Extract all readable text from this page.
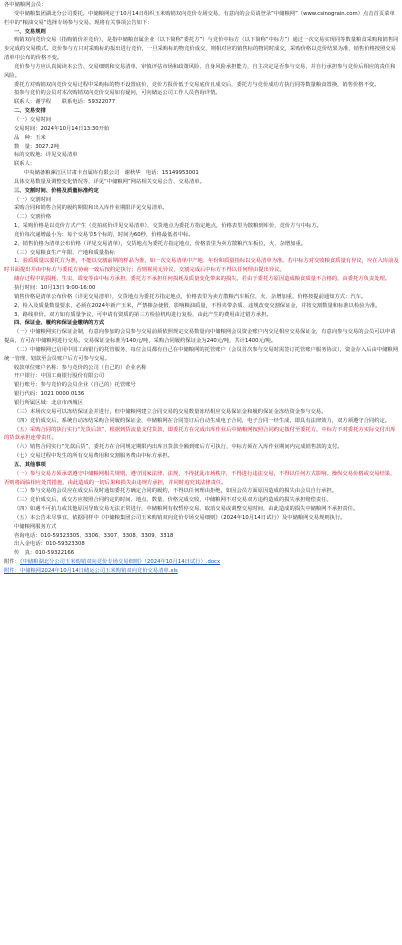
各中储粮网会员：

受中储粮集团湖北分公司委托，中储粮网定于10月14日组织玉米购销双向竞价专场交易，有意向的会员请登录“中储粮网”（www.csinograin.com）点击首页菜单栏中的“粮油交易”选择专场参与交易。现将有关事项公告如下：

一、交易规则

购销双向竞价交易（指购销价差竞价），是指中储粮直属企业（以下简称“委托方”）与竞价中标方（以下简称“中标方”）通过一次交易实现同等数量粮食采购和销售同步完成的交易模式。竞价参与方只对采购标的报出进行竞价，一旦采购标的物竞价成交，则相对应的销售标的物同时成交，采购价格以竞价结果为准，销售价格按照交易清单中公布的价格不变。

竞价参与方应认真阅读本公告、交易细则和交易清单，审慎评估市场和政策风险、自身风险承担能力，自主决定是否参与交易，并自行承担参与竞价后相应的责任和风险。

委托方对购销双向竞价交易过程中采购标的物不设置底价，竞价方报价低于交易底价且成交后，委托方与竞价成功方执行同等数量粮食置换，销售价格不变。

拟参与竞价的会员对本次购销双向竞价交易如有疑问，可向储运公司工作人员咨询详情。

联系人：谢学程　　联系电话：59322077

二、交易安排

（一）交易时间

交易时间：2024年10月14日13:30开始

品　种：玉米

数　量：3027.2吨

标的交收地：详见交易清单

联系人：

中央储备粮漯江区甘肃卡直属库有限公司　谢秋华　电话：15149953001

具体交易数量及调整变化情况等，详见“中储粮网”网站相关交易公告、交易清单。

三、交割时间、价格及质量标准约定

（一）交割时间

采购合同和销售合同的履约期限和出入库作业期限详见交易清单。

（二）交割价格

1、采购价格是以竞价方式产生（竞拍底价详见交易清单），交货地点为委托方指定地点，价格表里为散粮到库价，竞价方与中标方。

竞价每次递增最小为：每个交易节5个标的，时间为60秒，价格最低者中标。

2、销售价格为清单公布价格（详见交易清单），交货地点为委托方指定地点，价格表里为卖方散粮汽车板位，火、杂增加重。

（三）交易粮食生产年限、产地和质量指标

1、验质质量以委托方为准，不能以交割前期的样品为准，如一次交易清单中产地、年份和质量指标以交易清单为准。若中标方对交收粮食质量有异议，应在入库前及时书面提出并由中标方与委托方协商一致后按约定执行；否则视同无异议，交割完成后中标方不得以任何理由提出异议。

储存过程中的损耗、生虫、霉变等由中标方承担，委托方不承担任何损耗及质量变化带来的损失。若由于委托方原因造成粮食质量不合格的，由委托方负责处理。

执行时间：10月13日 9:00-16:00

销售价格是清单公布价格（详见交易清单），交货地点为委托方指定地点，价格表里为卖方散粮汽车板位，火、杂增加重，价格按提前通知方式：汽车。

2、检入及质量数量要求，必须在2024年新产玉米，严禁掺杂使假、影响粮油质量，不得夹带杂质、违规改变交割保证金，并按交割数量和标准以检验为准。

3、路线单价。双方如有质量争议，可申请有资质的第三方检验机构进行复检，由此产生的费用由过错方承担。

四、保证金、履约和保证金缴纳的方式

（一）中储粮网实行保证金制，有意向参加的会员参与交易前须依照规定交易数量向中储粮网会员资金账户内交足相应交易保证金，有意向参与交易的会员可以申请提高，方可在中储粮网进行交易。交易保证金标准为140元/吨，采购合同履约保证金为240元/吨，共计1400元/吨。

（二）中储粮网已启用中国工商银行的托管服务，每位会员都有自己在中储粮网的托管账户（会员首次参与交易时需签订托管账户服务协议），资金存入后由中储粮网统一管理，划款至会员账户后方可参与交易。

收款单位账户名称：参与竞价的公司（自己的）企业名称

开户银行：中国工商银行股份有限公司

银行账号：参与竞价的会员企业（自己的）托管账号

银行代码：1021 0000 0136

银行所属区域：北京市西城区

（三）本场次交易可以冻结保证金并进行，但中储粮网建立合同交易的交易数量冻结相应交易保证金和履约保证金冻结资金参与交易。

（四）竞价成交后，系统自动冻结采购合同履约保证金，中储粮网在合同签订后自动生成电子合同，电子合同一经生成，即具有法律效力，双方须遵守合同约定。

（五）采购合同的执行实行“先货后款”，根据到货流量支付货款，即委托方在完成出库作业后中储粮网按照合同约定拨付至委托方，中标方不对委托方实际交付出库的货款承担连带责任。

（六）销售合同实行“先款后货”，委托方在合同规定期限内出库且货款全额到账后方可执行，中标方须在入库作业期间内完成销售款的支付。

（七）交易过程中发生的所有交易费用和交割服务费由中标方承担。

五、其他事项

（一）参与交易方须承诺遵守中储粮网相关规则，遵守国家法律、法规，不得扰乱市场秩序，不得进行违法交易，不得以任何方式影响、操纵交易价格或交易结果，否则将面临相应处罚措施，由此造成的一切后果和损失由违规方承担，并同时追究其法律责任。

（二）参与交易的会员应在成交后及时通知委托方确定合同的履约，不得以任何理由拒绝，如因会员方面原因造成的损失由会员自行承担。

（三）竞价成交后，成交方应按照合同约定的时间、地点、数量、价格完成交收，中储粮网不对交易双方违约造成的损失承担赔偿责任。

（四）如遇不可抗力或其他原因导致交易无法正常进行，中储粮网有权暂停交易、取消交易或调整交易时间，由此造成的损失中储粮网不承担责任。

（五）本公告未尽事宜，依据同样中《中储粮集团公司玉米购销双向竞价专场交易细则》（2024年10月14日试行）及中储粮网交易规则执行。

中储粮网服务方式

咨询电话：010-59323305、3306、3307、3308、3309、3318

出入金电话：010-59323308

传　真：010-59322166

附件：《中储粮湖北分公司玉米购销双向竞价专场交易细则》（2024年10月14日试行）.docx

附件：中储粮网2024年10月14日储运公司玉米购销双向竞价交易清单.xls
